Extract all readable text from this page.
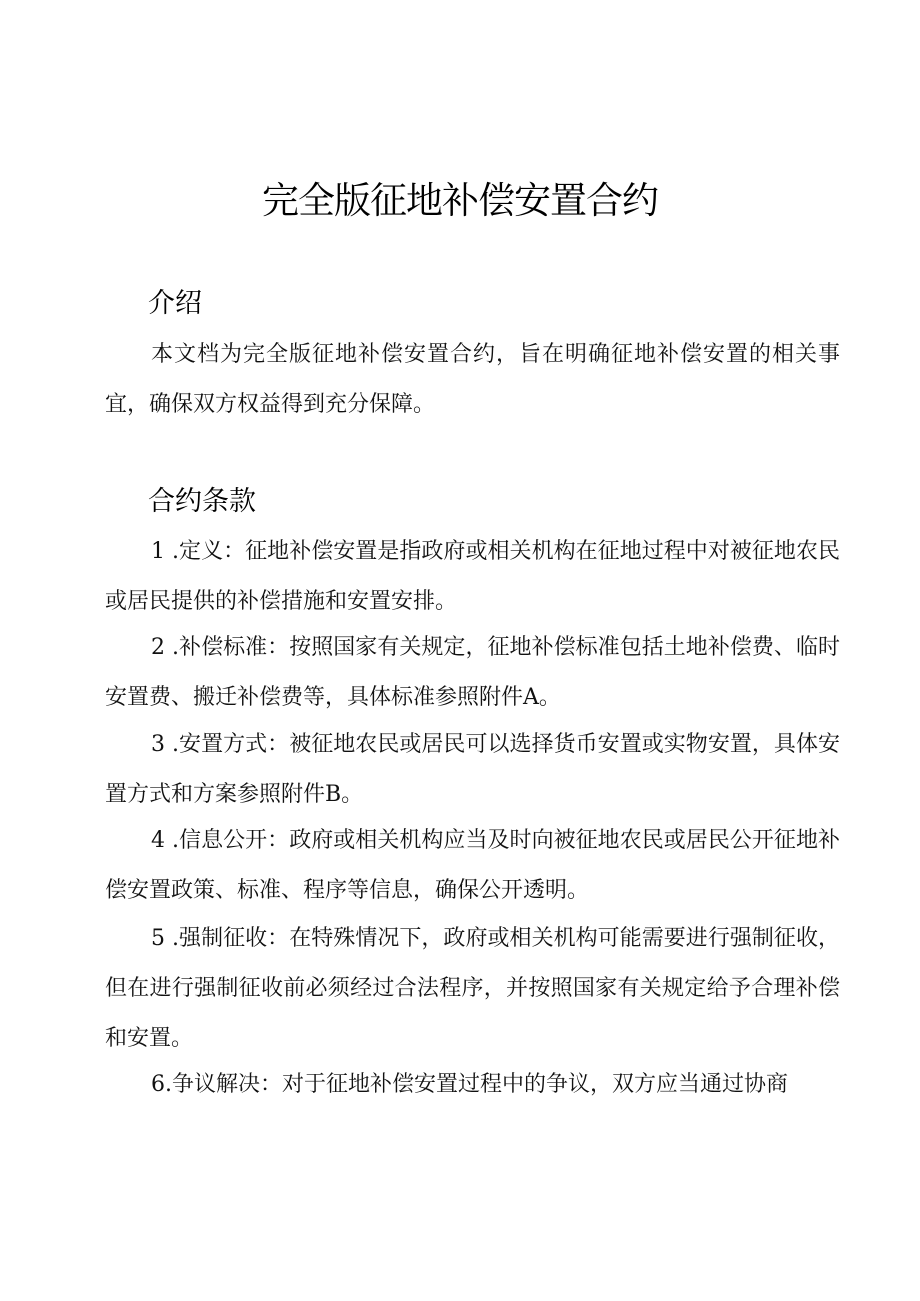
完全版征地补偿安置合约
介绍

本文档为完全版征地补偿安置合约，旨在明确征地补偿安置的相关事宜，确保双方权益得到充分保障。

合约条款

1 .定义：征地补偿安置是指政府或相关机构在征地过程中对被征地农民或居民提供的补偿措施和安置安排。

2 .补偿标准：按照国家有关规定，征地补偿标准包括土地补偿费、临时安置费、搬迁补偿费等，具体标准参照附件A。

3 .安置方式：被征地农民或居民可以选择货币安置或实物安置，具体安置方式和方案参照附件B。

4 .信息公开：政府或相关机构应当及时向被征地农民或居民公开征地补偿安置政策、标准、程序等信息，确保公开透明。

5 .强制征收：在特殊情况下，政府或相关机构可能需要进行强制征收，但在进行强制征收前必须经过合法程序，并按照国家有关规定给予合理补偿和安置。

6.争议解决：对于征地补偿安置过程中的争议，双方应当通过协商
